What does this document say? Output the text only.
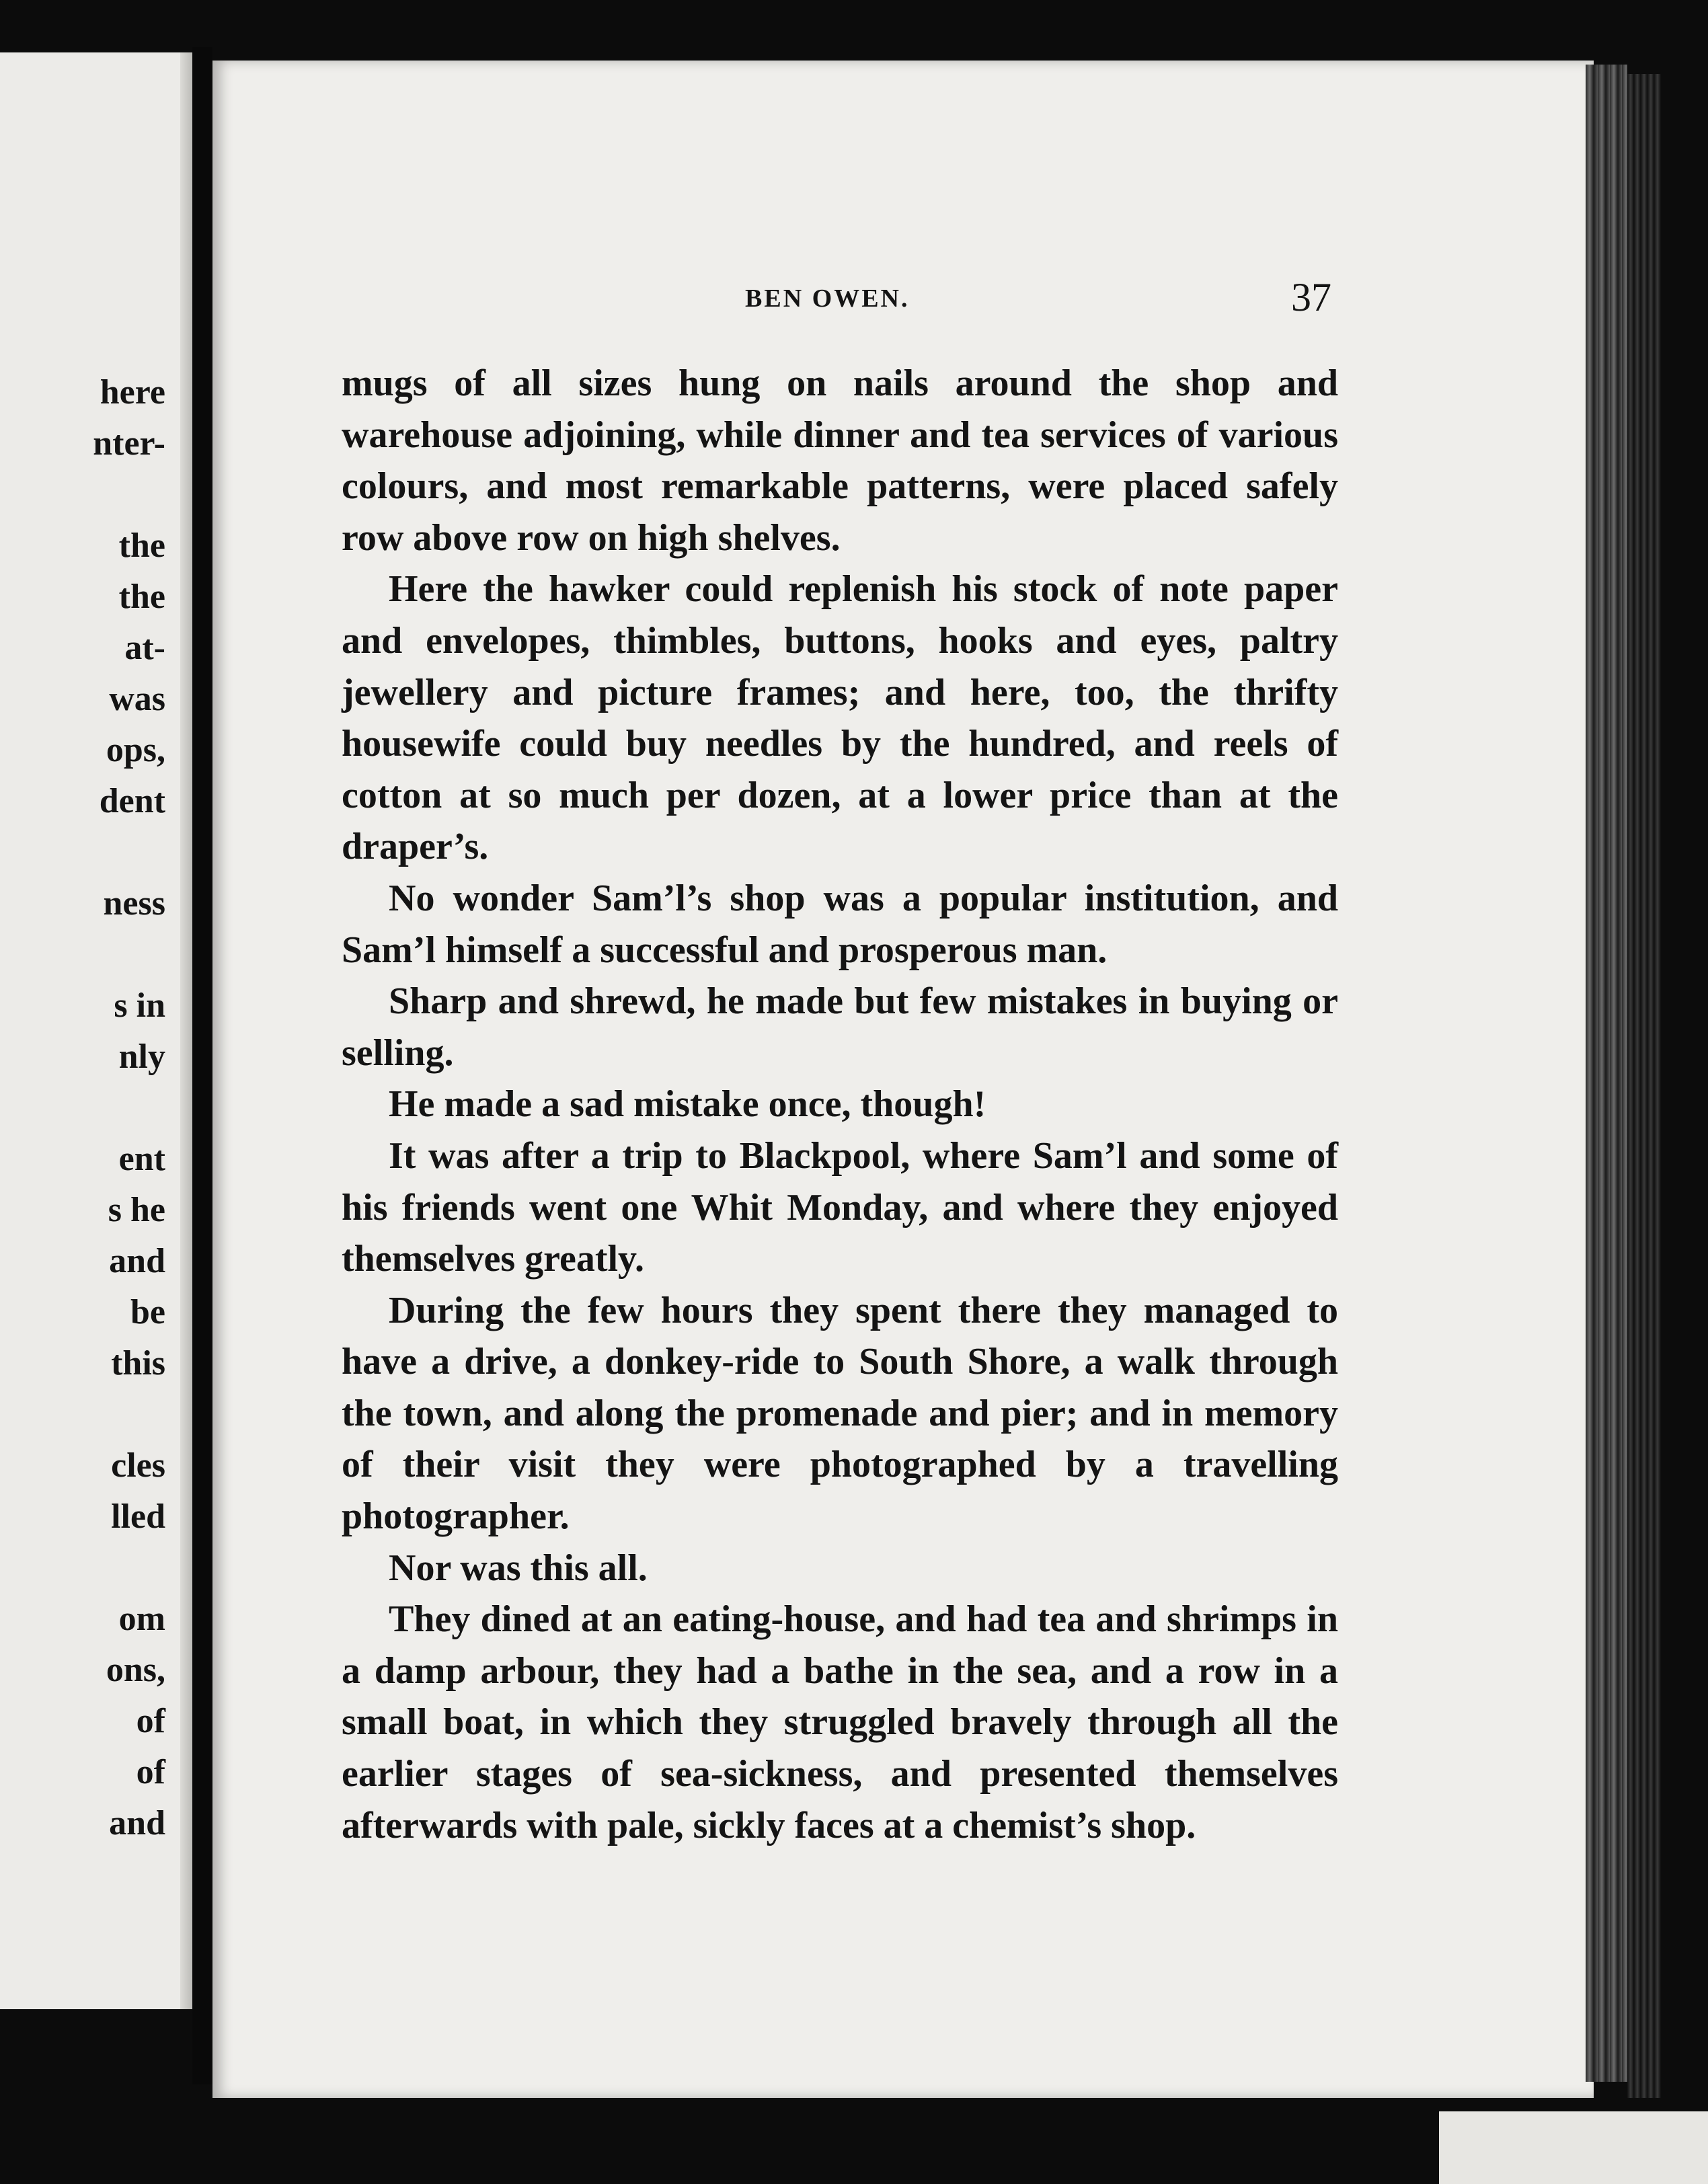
here
nter-
the
the
at-
was
ops,
dent
ness
s in
nly
ent
s he
and
be
this
cles
lled
om
ons,
of
of
and
BEN OWEN.	37

mugs of all sizes hung on nails around the shop and warehouse adjoining, while dinner and tea services of various colours, and most remarkable patterns, were placed safely row above row on high shelves.

Here the hawker could replenish his stock of note paper and envelopes, thimbles, buttons, hooks and eyes, paltry jewellery and picture frames; and here, too, the thrifty housewife could buy needles by the hundred, and reels of cotton at so much per dozen, at a lower price than at the draper’s.

No wonder Sam’l’s shop was a popular institution, and Sam’l himself a successful and prosperous man.

Sharp and shrewd, he made but few mistakes in buying or selling.

He made a sad mistake once, though!

It was after a trip to Blackpool, where Sam’l and some of his friends went one Whit Monday, and where they enjoyed themselves greatly.

During the few hours they spent there they managed to have a drive, a donkey-ride to South Shore, a walk through the town, and along the promenade and pier; and in memory of their visit they were photographed by a travelling photographer.

Nor was this all.

They dined at an eating-house, and had tea and shrimps in a damp arbour, they had a bathe in the sea, and a row in a small boat, in which they struggled bravely through all the earlier stages of sea-sickness, and presented themselves afterwards with pale, sickly faces at a chemist’s shop.
